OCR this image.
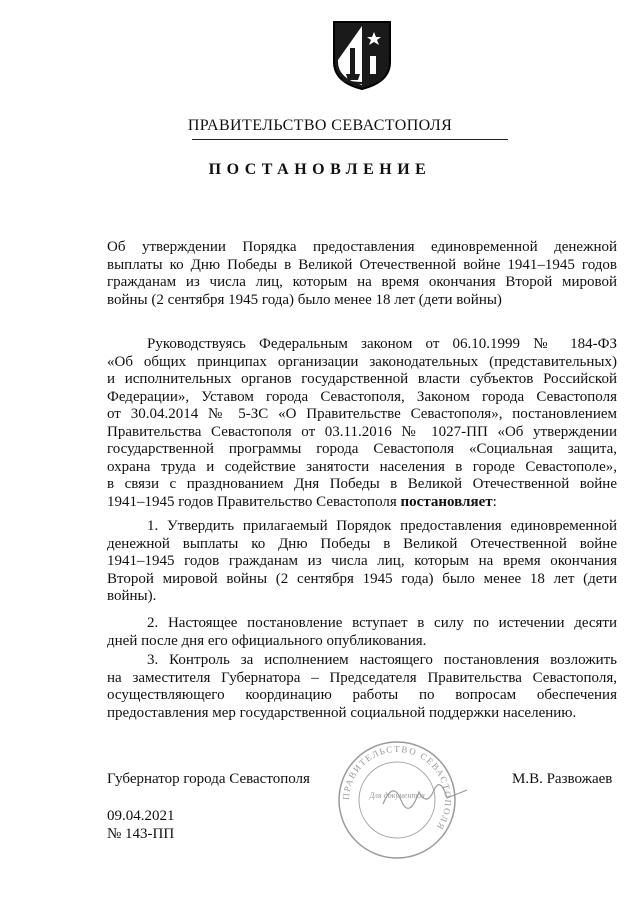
ПРАВИТЕЛЬСТВО СЕВАСТОПОЛЯ
ПОСТАНОВЛЕНИЕ
Об утверждении Порядка предоставления единовременной денежной
выплаты ко Дню Победы в Великой Отечественной войне 1941–1945 годов
гражданам из числа лиц, которым на время окончания Второй мировой
войны (2 сентября 1945 года) было менее 18 лет (дети войны)
Руководствуясь Федеральным законом от 06.10.1999 № 184-ФЗ
«Об общих принципах организации законодательных (представительных)
и исполнительных органов государственной власти субъектов Российской
Федерации», Уставом города Севастополя, Законом города Севастополя
от 30.04.2014 № 5-ЗС «О Правительстве Севастополя», постановлением
Правительства Севастополя от 03.11.2016 № 1027-ПП «Об утверждении
государственной программы города Севастополя «Социальная защита,
охрана труда и содействие занятости населения в городе Севастополе»,
в связи с празднованием Дня Победы в Великой Отечественной войне
1941–1945 годов Правительство Севастополя постановляет:
1. Утвердить прилагаемый Порядок предоставления единовременной
денежной выплаты ко Дню Победы в Великой Отечественной войне
1941–1945 годов гражданам из числа лиц, которым на время окончания
Второй мировой войны (2 сентября 1945 года) было менее 18 лет (дети
войны).
2. Настоящее постановление вступает в силу по истечении десяти
дней после дня его официального опубликования.
3. Контроль за исполнением настоящего постановления возложить
на заместителя Губернатора – Председателя Правительства Севастополя,
осуществляющего координацию работы по вопросам обеспечения
предоставления мер государственной социальной поддержки населению.
ПРАВИТЕЛЬСТВО СЕВАСТОПОЛЯ
Для документов
Губернатор города Севастополя	М.В. Развожаев
09.04.2021
№ 143-ПП
